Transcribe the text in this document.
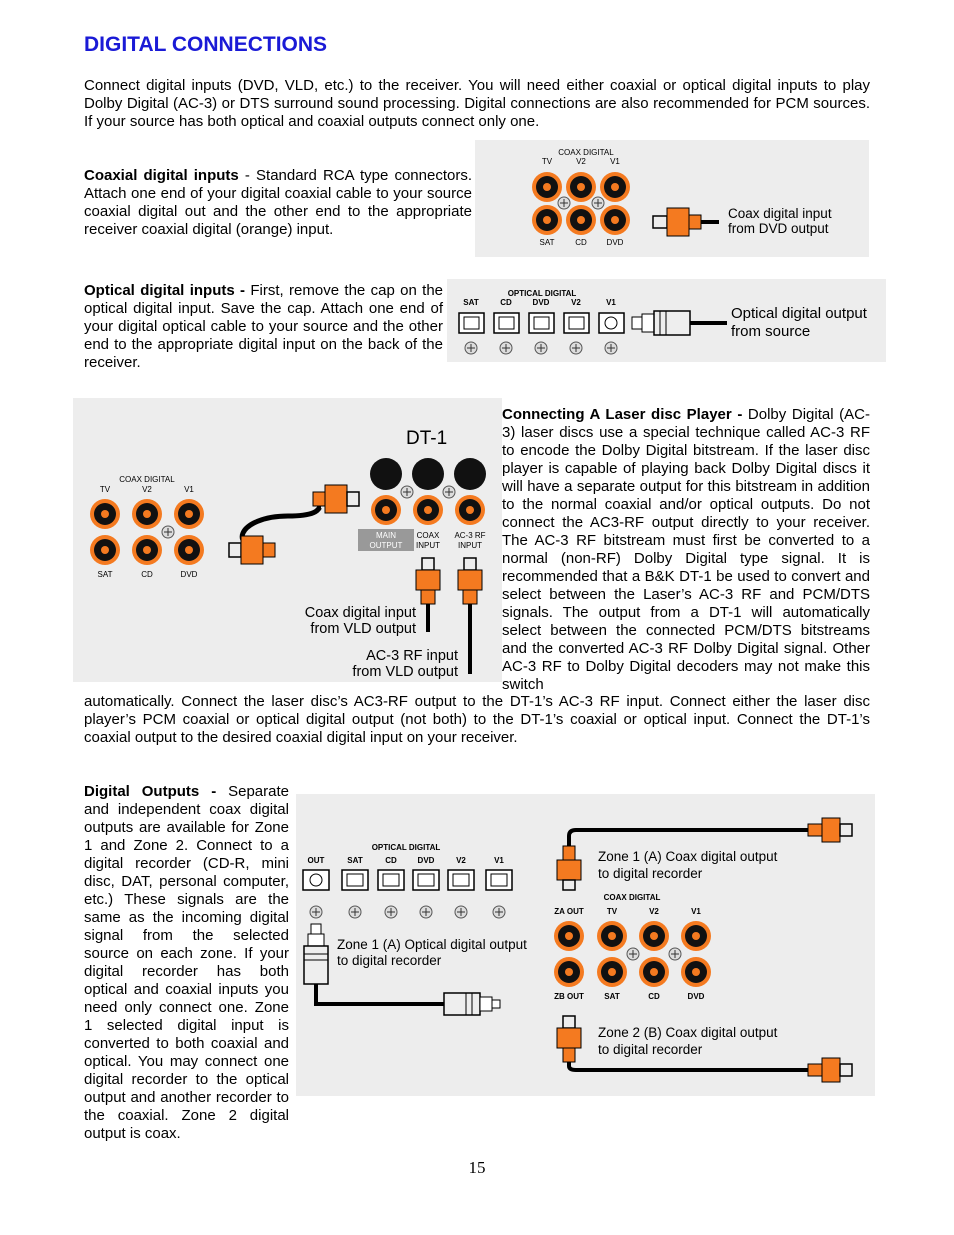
DIGITAL CONNECTIONS
Connect digital inputs (DVD, VLD, etc.) to the receiver. You will need either coaxial or optical digital inputs to play Dolby Digital (AC-3) or DTS surround sound processing. Digital connections are also recommended for PCM sources. If your source has both optical and coaxial outputs connect only one.
Coaxial digital inputs - Standard RCA type connectors. Attach one end of your digital coaxial cable to your source coaxial digital out and the other end to the appropriate receiver coaxial digital (orange) input.
COAX DIGITAL
TV	V2	V1
SAT	CD DVD
Coax digital input
from DVD output
Optical digital inputs - First, remove the cap on the optical digital input. Save the cap. Attach one end of your digital optical cable to your source and the other end to the appropriate digital input on the back of the receiver.
OPTICAL DIGITAL
SAT	CD	DVD	V2	V1
Optical digital output
from source
DT-1
COAX DIGITAL
TV	V2	V1
SAT	CD	DVD
MAIN
OUTPUT
COAX
INPUT
AC-3 RF
INPUT
Coax digital input
from VLD output
AC-3 RF input
from VLD output
Connecting A Laser disc Player - Dolby Digital (AC-3) laser discs use a special technique called AC-3 RF to encode the Dolby Digital bitstream. If the laser disc player is capable of playing back Dolby Digital discs it will have a separate output for this bitstream in addition to the normal coaxial and/or optical outputs. Do not connect the AC3-RF output directly to your receiver. The AC-3 RF bitstream must first be converted to a normal (non-RF) Dolby Digital type signal. It is recommended that a B&K DT-1 be used to convert and select between the Laser’s AC-3 RF and PCM/DTS signals. The output from a DT-1 will automatically select between the connected PCM/DTS bitstreams and the converted AC-3 RF Dolby Digital signal. Other AC-3 RF to Dolby Digital decoders may not make this switch
automatically. Connect the laser disc’s AC3-RF output to the DT-1’s AC-3 RF input. Connect either the laser disc player’s PCM coaxial or optical digital output (not both) to the DT-1’s coaxial or optical input. Connect the DT-1’s coaxial output to the desired coaxial digital input on your receiver.
Digital Outputs - Separate and independent coax digital outputs are available for Zone 1 and Zone 2. Connect to a digital recorder (CD-R, mini disc, DAT, personal computer, etc.) These signals are the same as the incoming digital signal from the selected source on each zone. If your digital recorder has both optical and coaxial inputs you need only connect one. Zone 1 selected digital input is converted to both coaxial and optical. You may connect one digital recorder to the optical output and another recorder to the coaxial. Zone 2 digital output is coax.
OPTICAL DIGITAL
OUT	SAT	CD	DVD	V2	V1
Zone 1 (A) Optical digital output
to digital recorder
COAX DIGITAL
ZA OUT	TV	V2	V1
ZB OUT	SAT	CD	DVD
Zone 1 (A) Coax digital output
to digital recorder
Zone 2 (B) Coax digital output
to digital recorder
15
